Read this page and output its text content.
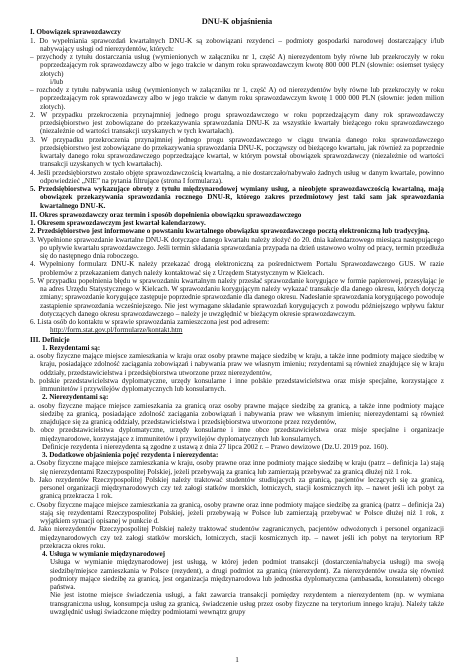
DNU-K objaśnienia
I. Obowiązek sprawozdawczy

1. Do wypełniania sprawozdań kwartalnych DNU-K są zobowiązani rezydenci – podmioty gospodarki narodowej dostarczający i/lub nabywający usługi od nierezydentów, których:

– przychody z tytułu dostarczania usług (wymienionych w załączniku nr 1, część A) nierezydentom były równe lub przekroczyły w roku poprzedzającym rok sprawozdawczy albo w jego trakcie w danym roku sprawozdawczym kwotę 800 000 PLN (słownie: osiemset tysięcy złotych)

i/lub

– rozchody z tytułu nabywania usług (wymienionych w załączniku nr 1, część A) od nierezydentów były równe lub przekroczyły w roku poprzedzającym rok sprawozdawczy albo w jego trakcie w danym roku sprawozdawczym kwotę 1 000 000 PLN (słownie: jeden milion złotych).

2. W przypadku przekroczenia przynajmniej jednego progu sprawozdawczego w roku poprzedzającym dany rok sprawozdawczy przedsiębiorstwo jest zobowiązane do przekazywania sprawozdania DNU-K za wszystkie kwartały bieżącego roku sprawozdawczego (niezależnie od wartości transakcji uzyskanych w tych kwartałach).

3. W przypadku przekroczenia przynajmniej jednego progu sprawozdawczego w ciągu trwania danego roku sprawozdawczego przedsiębiorstwo jest zobowiązane do przekazywania sprawozdania DNU-K, począwszy od bieżącego kwartału, jak również za poprzednie kwartały danego roku sprawozdawczego poprzedzające kwartał, w którym powstał obowiązek sprawozdawczy (niezależnie od wartości transakcji uzyskanych w tych kwartałach).

4. Jeśli przedsiębiorstwo zostało objęte sprawozdawczością kwartalną, a nie dostarczało/nabywało żadnych usług w danym kwartale, powinno odpowiedzieć „NIE” na pytania filtrujące (strona I formularza).

5. Przedsiębiorstwa wykazujące obroty z tytułu międzynarodowej wymiany usług, a nieobjęte sprawozdawczością kwartalną, mają obowiązek przekazywania sprawozdania rocznego DNU-R, którego zakres przedmiotowy jest taki sam jak sprawozdania kwartalnego DNU-K.

II. Okres sprawozdawczy oraz termin i sposób dopełnienia obowiązku sprawozdawczego

1. Okresem sprawozdawczym jest kwartał kalendarzowy.

2. Przedsiębiorstwo jest informowane o powstaniu kwartalnego obowiązku sprawozdawczego pocztą elektroniczną lub tradycyjną.

3. Wypełnione sprawozdanie kwartalne DNU-K dotyczące danego kwartału należy złożyć do 20. dnia kalendarzowego miesiąca następującego po upływie kwartału sprawozdawczego. Jeśli termin składania sprawozdania przypada na dzień ustawowo wolny od pracy, termin przedłuża się do następnego dnia roboczego.

4. Wypełniony formularz DNU-K należy przekazać drogą elektroniczną za pośrednictwem Portalu Sprawozdawczego GUS. W razie problemów z przekazaniem danych należy kontaktować się z Urzędem Statystycznym w Kielcach.

5. W przypadku popełnienia błędu w sprawozdaniu kwartalnym należy przesłać sprawozdanie korygujące w formie papierowej, przesyłając je na adres Urzędu Statystycznego w Kielcach. W sprawozdaniu korygującym należy wykazać transakcje dla danego okresu, których dotyczą zmiany; sprawozdanie korygujące zastępuje poprzednie sprawozdanie dla danego okresu. Nadesłanie sprawozdania korygującego powoduje zastąpienie sprawozdania wcześniejszego. Nie jest wymagane składanie sprawozdań korygujących z powodu późniejszego wpływu faktur dotyczących danego okresu sprawozdawczego – należy je uwzględnić w bieżącym okresie sprawozdawczym.

6. Lista osób do kontaktu w sprawie sprawozdania zamieszczona jest pod adresem:

http://form.stat.gov.pl/formularze/kontakt.htm

III. Definicje

1. Rezydentami są:

a. osoby fizyczne mające miejsce zamieszkania w kraju oraz osoby prawne mające siedzibę w kraju, a także inne podmioty mające siedzibę w kraju, posiadające zdolność zaciągania zobowiązań i nabywania praw we własnym imieniu; rezydentami są również znajdujące się w kraju oddziały, przedstawicielstwa i przedsiębiorstwa utworzone przez nierezydentów,

b. polskie przedstawicielstwa dyplomatyczne, urzędy konsularne i inne polskie przedstawicielstwa oraz misje specjalne, korzystające z immunitetów i przywilejów dyplomatycznych lub konsularnych.

2. Nierezydentami są:

a. osoby fizyczne mające miejsce zamieszkania za granicą oraz osoby prawne mające siedzibę za granicą, a także inne podmioty mające siedzibę za granicą, posiadające zdolność zaciągania zobowiązań i nabywania praw we własnym imieniu; nierezydentami są również znajdujące się za granicą oddziały, przedstawicielstwa i przedsiębiorstwa utworzone przez rezydentów,

b. obce przedstawicielstwa dyplomatyczne, urzędy konsularne i inne obce przedstawicielstwa oraz misje specjalne i organizacje międzynarodowe, korzystające z immunitetów i przywilejów dyplomatycznych lub konsularnych.

Definicje rezydenta i nierezydenta są zgodne z ustawą z dnia 27 lipca 2002 r. – Prawo dewizowe (Dz.U. 2019 poz. 160).

3. Dodatkowe objaśnienia pojęć rezydenta i nierezydenta:

a. Osoby fizyczne mające miejsce zamieszkania w kraju, osoby prawne oraz inne podmioty mające siedzibę w kraju (patrz – definicja 1a) stają się nierezydentami Rzeczypospolitej Polskiej, jeżeli przebywają za granicą lub zamierzają przebywać za granicą dłużej niż 1 rok.

b. Jako rezydentów Rzeczypospolitej Polskiej należy traktować studentów studiujących za granicą, pacjentów leczących się za granicą, personel organizacji międzynarodowych czy też załogi statków morskich, lotniczych, stacji kosmicznych itp. – nawet jeśli ich pobyt za granicą przekracza 1 rok.

c. Osoby fizyczne mające miejsce zamieszkania za granicą, osoby prawne oraz inne podmioty mające siedzibę za granicą (patrz – definicja 2a) stają się rezydentami Rzeczypospolitej Polskiej, jeżeli przebywają w Polsce lub zamierzają przebywać w Polsce dłużej niż 1 rok, z wyjątkiem sytuacji opisanej w punkcie d.

d. Jako nierezydentów Rzeczypospolitej Polskiej należy traktować studentów zagranicznych, pacjentów odwożonych i personel organizacji międzynarodowych czy też załogi statków morskich, lotniczych, stacji kosmicznych itp. – nawet jeśli ich pobyt na terytorium RP przekracza okres roku.

4. Usługa w wymianie międzynarodowej

Usługa w wymianie międzynarodowej jest usługą, w której jeden podmiot transakcji (dostarczenia/nabycia usługi) ma swoją siedzibę/miejsce zamieszkania w Polsce (rezydent), a drugi podmiot za granicą (nierezydent). Za nierezydentów uważa się również podmioty mające siedzibę za granicą, jest organizacja międzynarodowa lub jednostka dyplomatyczna (ambasada, konsulatem) obcego państwa.

Nie jest istotne miejsce świadczenia usługi, a fakt zawarcia transakcji pomiędzy rezydentem a nierezydentem (np. w wymiana transgraniczna usług, konsumpcja usług za granicą, świadczenie usług przez osoby fizyczne na terytorium innego kraju). Należy także uwzględnić usługi świadczone między podmiotami wewnątrz grupy

1
